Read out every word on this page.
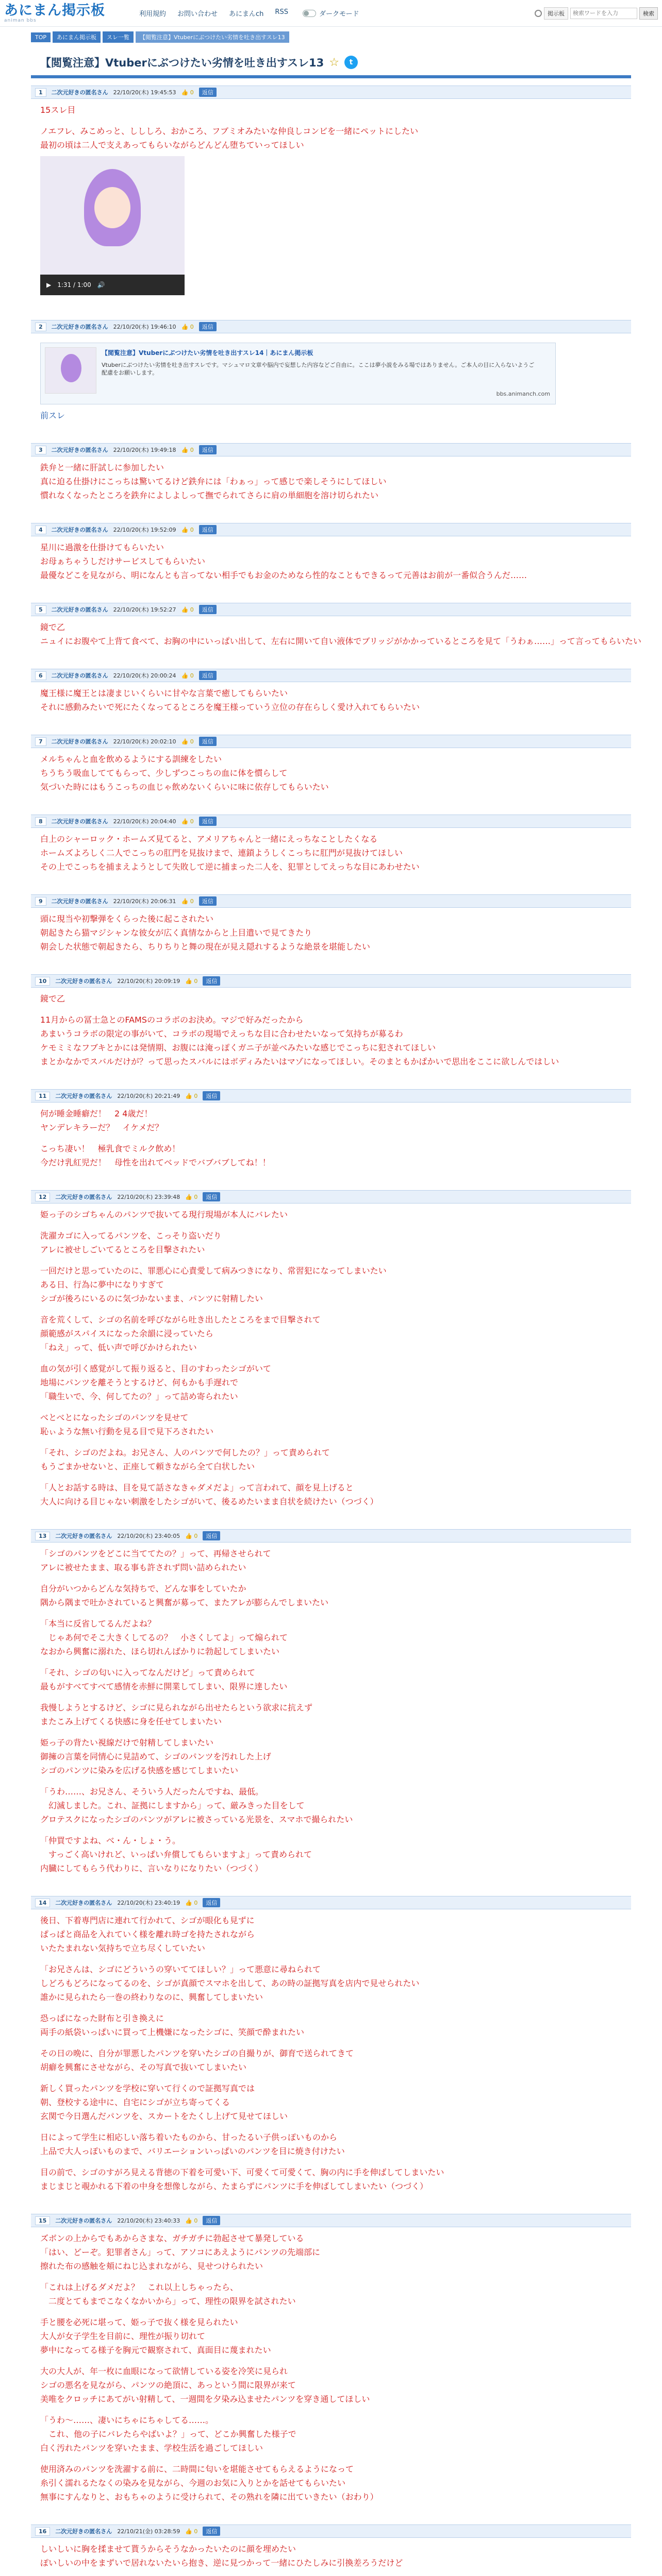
あにまん掲示板
animan bbs
利用規約 お問い合わせ あにまんch RSS	ダークモード	掲示板
検索ワードを入力	検索
TOP	あにまん掲示板	スレ一覧	【閲覧注意】Vtuberにぶつけたい劣情を吐き出すスレ13
【閲覧注意】Vtuberにぶつけたい劣情を吐き出すスレ13 ☆	t
1	二次元好きの匿名さん 22/10/20(木) 19:45:53 👍 0	返信

15スレ目

ノエフレ、みこめっと、しししろ、おかころ、フブミオみたいな仲良しコンビを一緒にペットにしたい

最初の頃は二人で支えあってもらいながらどんどん堕ちていってほしい

▶ 1:31 / 1:00 🔊
2	二次元好きの匿名さん 22/10/20(木) 19:46:10 👍 0	返信
【閲覧注意】Vtuberにぶつけたい劣情を吐き出すスレ14｜あにまん掲示板
Vtuberにぶつけたい劣情を吐き出すスレです。マシュマロ文章や脳内で妄想した内容などご自由に。ここは夢小説をみる場ではありません。ご本人の目に入らないようご配慮をお願いします。
bbs.animanch.com

前スレ

3	二次元好きの匿名さん 22/10/20(木) 19:49:18 👍 0	返信

鉄弁と一緒に肝試しに参加したい

真に迫る仕掛けにこっちは驚いてるけど鉄弁には「わぁっ」って感じで楽しそうにしてほしい

慣れなくなったところを鉄弁によしよしって撫でられてさらに肩の単細胞を溶け切られたい

4	二次元好きの匿名さん 22/10/20(木) 19:52:09 👍 0	返信

星川に過激を仕掛けてもらいたい

お母ぁちゃうしだけサービスしてもらいたい

最優などこを見ながら、明になんとも言ってない相手でもお金のためなら性的なこともできるって元善はお前が一番似合うんだ……

5	二次元好きの匿名さん 22/10/20(木) 19:52:27 👍 0	返信

鏡で乙

ニュイにお腹やて上背て食べて、お胸の中にいっぱい出して、左右に開いて自い液体でブリッジがかかっているところを見て「うわぁ……」って言ってもらいたい

6	二次元好きの匿名さん 22/10/20(木) 20:00:24 👍 0	返信

魔王様に魔王とは凄まじいくらいに甘やな言葉で癒してもらいたい

それに感動みたいで死にたくなってるところを魔王様っていう立位の存在らしく愛け入れてもらいたい

7	二次元好きの匿名さん 22/10/20(木) 20:02:10 👍 0	返信

メルちゃんと血を飲めるようにする訓練をしたい

ちうちう吸血しててもらって、少しずつこっちの血に体を慣らして

気づいた時にはもうこっちの血じゃ飲めないくらいに味に依存してもらいたい

8	二次元好きの匿名さん 22/10/20(木) 20:04:40 👍 0	返信

白上のシャーロック・ホームズ見てると、アメリアちゃんと一緒にえっちなことしたくなる

ホームズよろしく二人でこっちの肛門を見抜けまで、連鎖ようしくこっちに肛門が見抜けてほしい

その上でこっちを捕まえようとして失敗して逆に捕まった二人を、犯罪としてえっちな目にあわせたい

9	二次元好きの匿名さん 22/10/20(木) 20:06:31 👍 0	返信

頭に現当や初撃弾をくらった後に起こされたい

朝起きたら猫マジシャンな彼女が広く真情なからと上目遣いで見てきたり

朝会した状態で朝起きたら、ちりちりと舞の現在が見え隠れするような絶景を堪能したい

10	二次元好きの匿名さん 22/10/20(木) 20:09:19 👍 0	返信

鏡で乙

11月からの冨士急とのFAMSのコラボのお決め。マジで好みだったから

あまいうコラボの限定の事がいて、コラボの現場でえっちな目に合わせたいなって気持ちが募るわ

ケモミミなフブキとかには発情期、お腹には淹っぽくガニ子が並べみたいな感じでこっちに犯されてほしい

まとかなかでスバルだけが？って思ったスバルにはボディみたいはマゾになってほしい。そのまともかぱかいで思出をここに欲しんではしい

11	二次元好きの匿名さん 22/10/20(木) 20:21:49 👍 0	返信

何が睡金睡癖だ！　2 4歳だ！

ヤンデレキラーだ？　イケメだ？

こっち凄い！　極乳食でミルク飲め！

今だけ乳紅児だ！　母性を出れてベッドでバブバブしてね！！

12	二次元好きの匿名さん 22/10/20(木) 23:39:48 👍 0	返信

姫っ子のシゴちゃんのパンツで抜いてる現行現場が本人にバレたい

洗濯カゴに入ってるパンツを、こっそり盗いだり

アレに被せしごいてるところを目撃されたい

一回だけと思っていたのに、罪悪心に心責愛して病みつきになり、常習犯になってしまいたい

ある日、行為に夢中になりすぎて

シゴが後ろにいるのに気づかないまま、パンツに射精したい

音を荒くして、シゴの名前を呼びながら吐き出したところをまで目撃されて

顔範感がスパイスになった余韻に浸っていたら

「ねえ」って、低い声で呼びかけられたい

血の気が引く感覚がして振り返ると、目のすわったシゴがいて

地場にパンツを離そうとするけど、何もかも手遅れで

「職生いで、今、何してたの？」って詰め寄られたい

べとべとになったシゴのパンツを見せて

恥ぃような無い行動を見る目で見下ろされたい

「それ、シゴのだよね。お兄さん、人のパンツで何したの？」って責められて

もうごまかせないと、正座して頼きながら全て白状したい

「人とお話する時は、目を見て話さなきゃダメだよ」って言われて、顔を見上げると

大人に向ける目じゃない刺激をしたシゴがいて、後るめたいまま自状を続けたい（つづく）

13	二次元好きの匿名さん 22/10/20(木) 23:40:05 👍 0	返信

「シゴのパンツをどこに当ててたの？」って、再帰させられて

アレに被せたまま、取る事も許されず問い詰められたい

自分がいつからどんな気持ちで、どんな事をしていたか

隅から隅まで吐かされていると興奮が募って、またアレが膨らんでしまいたい

「本当に反省してるんだよね？

　じゃあ何でそこ大きくしてるの？　小さくしてよ」って煽られて

なおから興奮に溺れた、ほら切れんばかりに勃起してしまいたい

「それ、シゴの匂いに入ってなんだけど」って責められて

最もがすべてすべて感情を赤鮮に開業してしまい、限界に達したい

我慢しようとするけど、シゴに見られながら出せたらという欲求に抗えず

またこみ上げてくる快感に身を任せてしまいたい

姫っ子の背たい視線だけで射精してしまいたい

御擁の言葉を同情心に見詰めて、シゴのパンツを汚れした上げ

シゴのパンツに染みを広げる快感を感じてしまいたい

「うわ……、お兄さん、そういう人だったんですね、最低。

　幻滅しました。これ、証拠にしますから」って、厳みきった目をして

グロテスクになったシゴのパンツがアレに被さっている光景を、スマホで撮られたい

「仲買ですよね、べ・ん・しょ・う。

　すっごく高いけれど、いっぱい弁償してもらいますよ」って責められて

内臓にしてもらう代わりに、言いなりになりたい（つづく）

14	二次元好きの匿名さん 22/10/20(木) 23:40:19 👍 0	返信

後日、下着専門店に連れて行かれて、シゴが眼化も見ずに

ぱっぱと商品を入れていく様を離れ時ゴを持たされながら

いたたまれない気持ちで立ち尽くしていたい

「お兄さんは、シゴにどういうの穿いててほしい？」って悪意に尋ねられて

しどろもどろになってるのを、シゴが真顔でスマホを出して、あの時の証拠写真を店内で見せられたい

誰かに見られたら一巻の終わりなのに、興奮してしまいたい

恐っぱになった財布と引き換えに

両手の紙袋いっぱいに買って上機嫌になったシゴに、笑顔で酔まれたい

その日の晩に、自分が罪悪したパンツを穿いたシゴの自撮りが、御育で送られてきて

胡癖を興奮にさせながら、その写真で抜いてしまいたい

新しく買ったパンツを学校に穿いて行くので証拠写真では

朝、登校する途中に、自宅にシゴが立ち寄ってくる

玄関で今日選んだパンツを、スカートをたくし上げて見せてほしい

日によって学生に相応しい落ち着いたものから、甘ったるい子供っぽいものから

上品で大人っぽいものまで、バリエーションいっぱいのパンツを目に焼き付けたい

目の前で、シゴのすがろ見える背徳の下着を可愛い下、可愛くて可愛くて、胸の内に手を伸ばしてしまいたい

まじまじと覗かれる下着の中身を想像しながら、たまらずにパンツに手を伸ばしてしまいたい（つづく）

15	二次元好きの匿名さん 22/10/20(木) 23:40:33 👍 0	返信

ズボンの上からでもあからさまな、ガチガチに勃起させて暴発している

「はい、どーぞ。犯罪者さん」って、アソコにあえようにパンツの先端部に

擦れた布の感触を頬にねじ込まれながら、見せつけられたい

「これは上げるダメだよ？　これ以上しちゃったら、

　二度とてもまでこなくなかいから」って、理性の限界を試されたい

手と腰を必死に堪って、姫っ子で抜く様を見られたい

大人が女子学生を目前に、理性が振り切れて

夢中になってる様子を胸元で観察されて、真面目に蔑まれたい

大の大人が、年一枚に血眼になって欲情している姿を冷笑に見られ

シゴの悪名を見ながら、パンツの絶頂に、あっという間に限界が来て

美唯をクロッチにあてがい射精して、一週間を夕染み込ませたパンツを穿き通してほしい

「うわ～……、凄いにちゃにちゃしてる……。

　これ、他の子にバレたらやばいよ？」って、どこか興奮した様子で

白く汚れたパンツを穿いたまま、学校生活を過ごしてほしい

使用済みのパンツを洗濯する前に、二時間に匂いを堪能させてもらえるようになって

糸引く濡れるたなくの染みを見ながら、今週のお気に入りとかを話せてもらいたい

無事にすんなりと、おもちゃのように受けられて、その熟れを隣に出ていきたい（おわり）

16	二次元好きの匿名さん 22/10/21(金) 03:28:59 👍 0	返信

しいしいに胸を揉ませて貰うからそうなかったいたのに顔を埋めたい

ぽいしいの中をまずいで居れないたいら抱き、逆に見つかって一緒にひたしみに引換差ろうだけど
